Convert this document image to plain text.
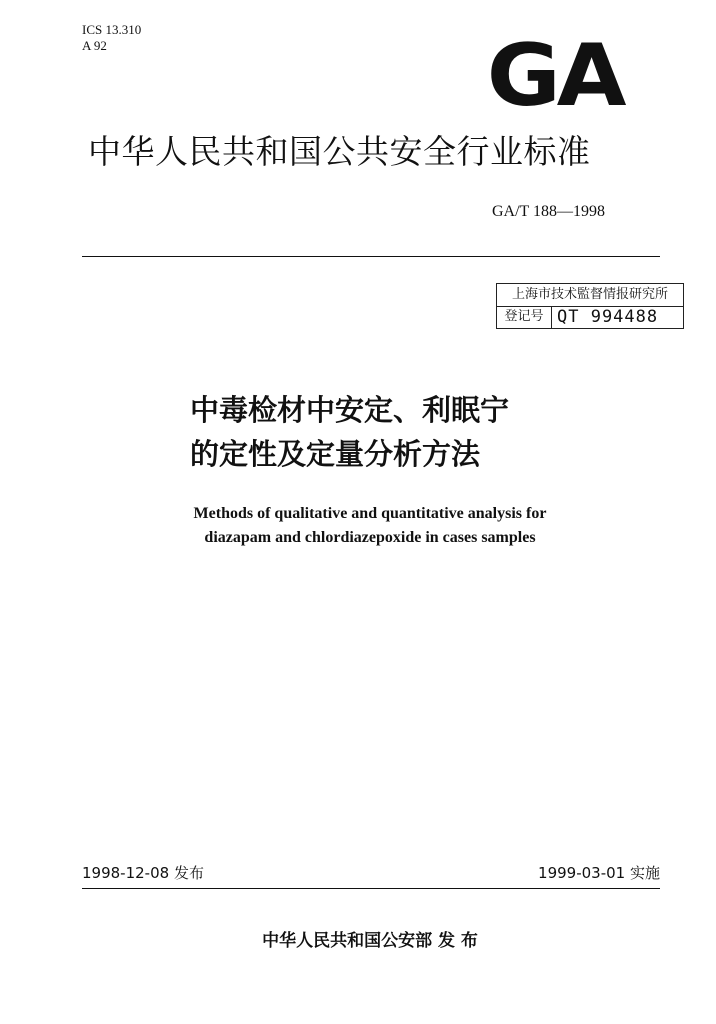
ICS 13.310
A 92	GA
中华人民共和国公共安全行业标准
GA/T 188—1998
上海市技术監督情报研究所
登记号 QT 994488
中毒检材中安定、利眠宁
的定性及定量分析方法
Methods of qualitative and quantitative analysis for
diazapam and chlordiazepoxide in cases samples
1998-12-08 发布	1999-03-01 实施
中华人民共和国公安部 发 布
